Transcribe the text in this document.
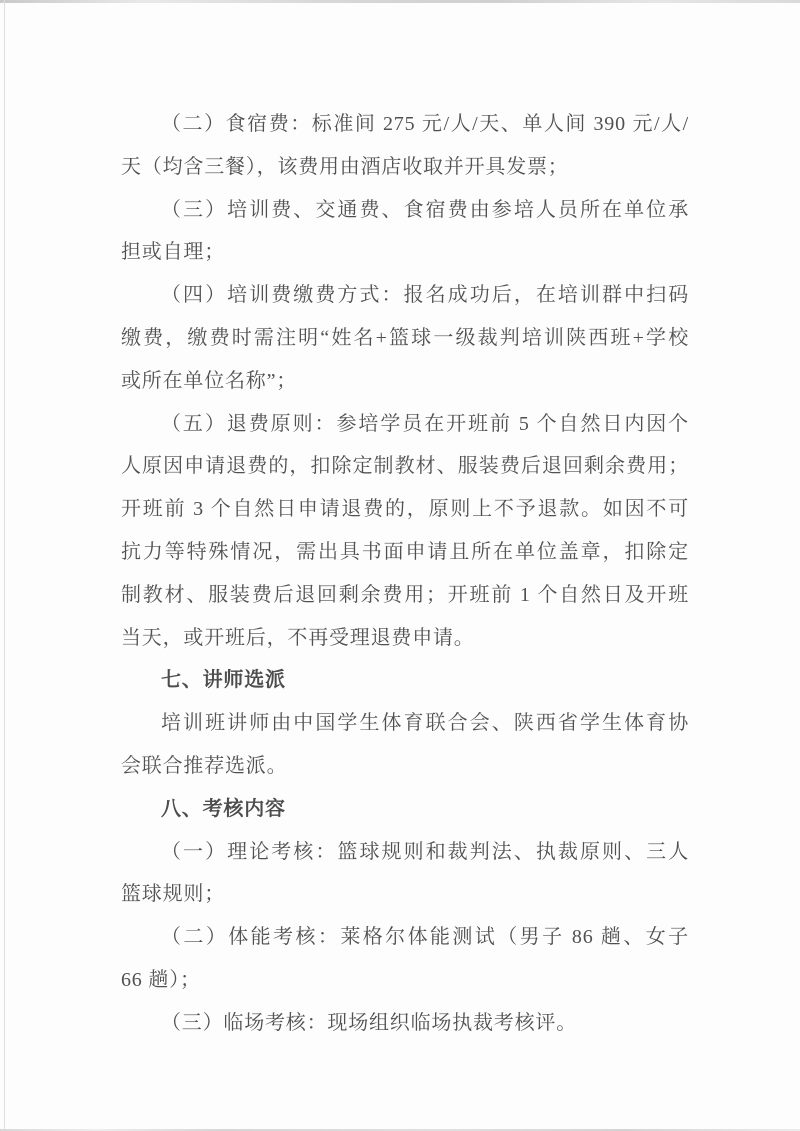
（二）食宿费：标准间 275 元/人/天、单人间 390 元/人/
天（均含三餐），该费用由酒店收取并开具发票；
（三）培训费、交通费、食宿费由参培人员所在单位承
担或自理；
（四）培训费缴费方式：报名成功后，在培训群中扫码
缴费，缴费时需注明“姓名+篮球一级裁判培训陕西班+学校
或所在单位名称”；
（五）退费原则：参培学员在开班前 5 个自然日内因个
人原因申请退费的，扣除定制教材、服装费后退回剩余费用；
开班前 3 个自然日申请退费的，原则上不予退款。如因不可
抗力等特殊情况，需出具书面申请且所在单位盖章，扣除定
制教材、服装费后退回剩余费用；开班前 1 个自然日及开班
当天，或开班后，不再受理退费申请。
七、讲师选派
培训班讲师由中国学生体育联合会、陕西省学生体育协
会联合推荐选派。
八、考核内容
（一）理论考核：篮球规则和裁判法、执裁原则、三人
篮球规则；
（二）体能考核：莱格尔体能测试（男子 86 趟、女子
66 趟）；
（三）临场考核：现场组织临场执裁考核评。
